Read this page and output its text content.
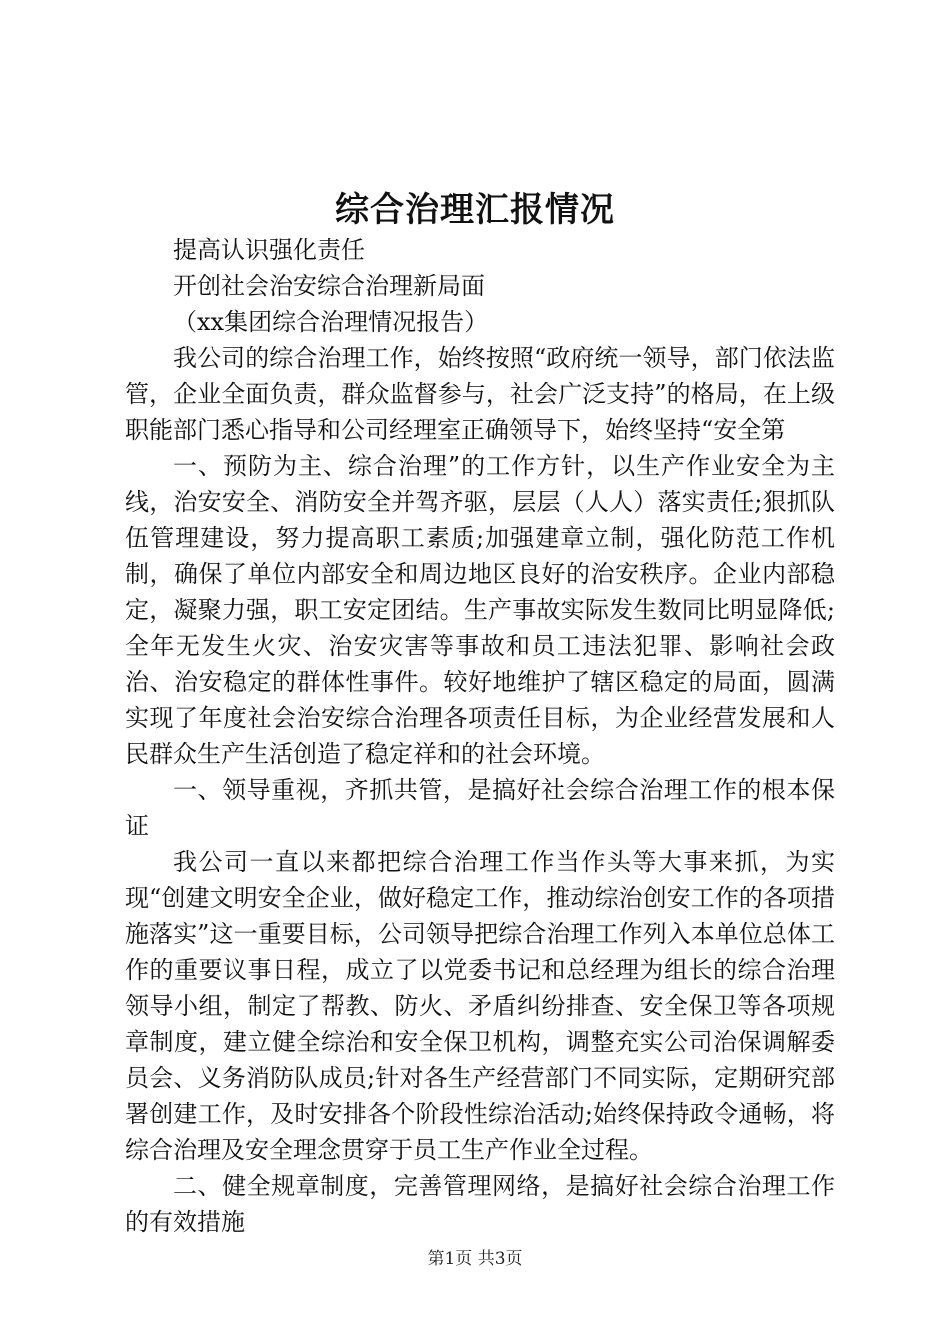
综合治理汇报情况
提高认识强化责任
开创社会治安综合治理新局面
（xx集团综合治理情况报告）

我公司的综合治理工作，始终按照“政府统一领导，部门依法监管，企业全面负责，群众监督参与，社会广泛支持”的格局，在上级职能部门悉心指导和公司经理室正确领导下，始终坚持“安全第

一、预防为主、综合治理”的工作方针，以生产作业安全为主线，治安安全、消防安全并驾齐驱，层层（人人）落实责任;狠抓队伍管理建设，努力提高职工素质;加强建章立制，强化防范工作机制，确保了单位内部安全和周边地区良好的治安秩序。企业内部稳定，凝聚力强，职工安定团结。生产事故实际发生数同比明显降低;全年无发生火灾、治安灾害等事故和员工违法犯罪、影响社会政治、治安稳定的群体性事件。较好地维护了辖区稳定的局面，圆满实现了年度社会治安综合治理各项责任目标，为企业经营发展和人民群众生产生活创造了稳定祥和的社会环境。

一、领导重视，齐抓共管，是搞好社会综合治理工作的根本保证

我公司一直以来都把综合治理工作当作头等大事来抓，为实现“创建文明安全企业，做好稳定工作，推动综治创安工作的各项措施落实”这一重要目标，公司领导把综合治理工作列入本单位总体工作的重要议事日程，成立了以党委书记和总经理为组长的综合治理领导小组，制定了帮教、防火、矛盾纠纷排查、安全保卫等各项规章制度，建立健全综治和安全保卫机构，调整充实公司治保调解委员会、义务消防队成员;针对各生产经营部门不同实际，定期研究部署创建工作，及时安排各个阶段性综治活动;始终保持政令通畅，将综合治理及安全理念贯穿于员工生产作业全过程。

二、健全规章制度，完善管理网络，是搞好社会综合治理工作的有效措施

第1页 共3页
